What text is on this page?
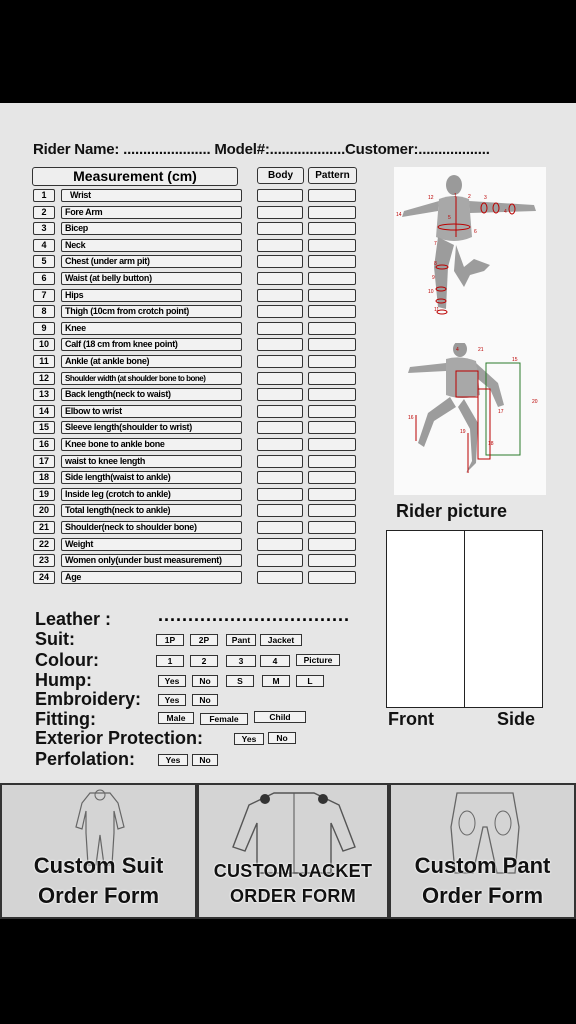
Rider Name: ...................... Model#:...................Customer:..................
Measurement (cm)	Body	Pattern
12	1 2	3
14	5
4
6
7
8
9
10
11
4	21
15
17
20
19
18
16
Rider picture
Front	Side
Leather :	................................
Suit:	1P	2P	Pant	Jacket
Colour:	1	2	3	4	Picture
Hump:	Yes	No	S	M	L
Embroidery:	Yes	No
Fitting:	Male	Female	Child
Exterior Protection:	Yes	No
Perfolation:	Yes	No
1	Wrist
2	Fore Arm
3	Bicep
4	Neck
5	Chest (under arm pit)
6	Waist (at belly button)
7	Hips
8	Thigh (10cm from crotch point)
9	Knee
10	Calf (18 cm from knee point)
11	Ankle (at ankle bone)
12	Shoulder width (at shoulder bone to bone)
13	Back length(neck to waist)
14	Elbow to wrist
15	Sleeve length(shoulder to wrist)
16	Knee bone to ankle bone
17	waist to knee length
18	Side length(waist to ankle)
19	Inside leg (crotch to ankle)
20	Total length(neck to ankle)
21	Shoulder(neck to shoulder bone)
22	Weight
23	Women only(under bust measurement)
24	Age
Custom Suit
Order Form
CUSTOM JACKET
ORDER FORM
Custom Pant
Order Form
